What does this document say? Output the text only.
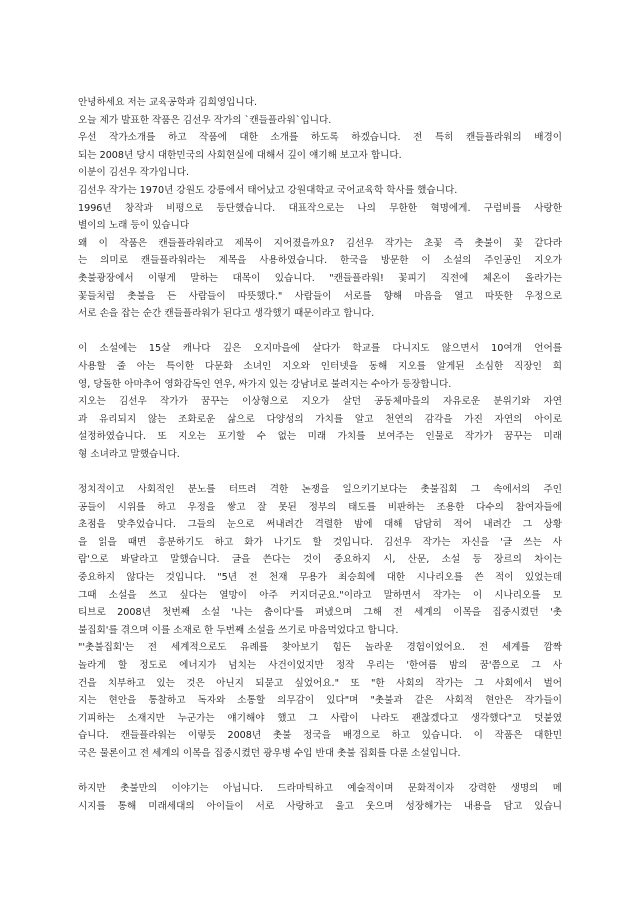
안녕하세요 저는 교육공학과 김희영입니다.
오늘 제가 발표한 작품은 김선우 작가의 `캔들플라워`입니다.
우선 작가소개를 하고 작품에 대한 소개를 하도록 하겠습니다. 전 특히 캔들플라워의 배경이
되는 2008년 당시 대한민국의 사회현실에 대해서 깊이 얘기해 보고자 합니다.
이분이 김선우 작가입니다.
김선우 작가는 1970년 강원도 강릉에서 태어났고 강원대학교 국어교육학 학사를 했습니다.
1996년 창작과 비평으로 등단했습니다. 대표작으로는 나의 무한한 혁명에게. 구럼비를 사랑한
별이의 노래 등이 있습니다
왜 이 작품은 캔들플라워라고 제목이 지어졌을까요? 김선우 작가는 초꽃 즉 촛불이 꽃 같다라
는 의미로 캔들플라워라는 제목을 사용하였습니다. 한국을 방문한 이 소설의 주인공인 지오가
촛불광장에서 이렇게 말하는 대목이 있습니다. "캔들플라워! 꽃피기 직전에 체온이 올라가는
꽃들처럼 촛불을 든 사람들이 따뜻했다." 사람들이 서로를 향해 마음을 열고 따뜻한 우정으로
서로 손을 잡는 순간 캔들플라워가 된다고 생각했기 때문이라고 합니다.
이 소설에는 15살 캐나다 깊은 오지마을에 살다가 학교를 다니지도 않으면서 10여개 언어를
사용할 줄 아는 특이한 다문화 소녀인 지오와 인터넷을 동해 지오를 알게된 소심한 직장인 희
영, 당돌한 아마추어 영화감독인 연우, 싸가지 있는 강남녀로 불려지는 수아가 등장합니다.
지오는 김선우 작가가 꿈꾸는 이상형으로 지오가 살던 공동체마을의 자유로운 분위기와 자연
과 유리되지 않는 조화로운 삶으로 다양성의 가치를 알고 천연의 감각을 가진 자연의 아이로
설정하였습니다. 또 지오는 포기할 수 없는 미래 가치를 보여주는 인물로 작가가 꿈꾸는 미래
형 소녀라고 말했습니다.
정치적이고 사회적인 분노를 터뜨려 격한 논쟁을 일으키기보다는 촛불집회 그 속에서의 주인
공들이 시위를 하고 우정을 쌓고 잘 못된 정부의 태도를 비판하는 조용한 다수의 참여자들에
초점을 맞추었습니다. 그들의 눈으로 써내려간 격렬한 밤에 대해 담담히 적어 내려간 그 상황
을 읽을 때면 흥분하기도 하고 화가 나기도 할 것입니다. 김선우 작가는 자신을 '글 쓰는 사
람'으로 봐달라고 말했습니다. 글을 쓴다는 것이 중요하지 시, 산문, 소설 등 장르의 차이는
중요하지 않다는 것입니다. "5년 전 천재 무용가 최승희에 대한 시나리오를 쓴 적이 있었는데
그때 소설을 쓰고 싶다는 열망이 아주 커지더군요."이라고 말하면서 작가는 이 시나리오를 모
티브로 2008년 첫번째 소설 '나는 춤이다'를 펴냈으며 그해 전 세계의 이목을 집중시켰던 '촛
불집회'를 겪으며 이를 소재로 한 두번째 소설을 쓰기로 마음먹었다고 합니다.
"'촛불집회'는 전 세계적으로도 유례를 찾아보기 힘든 놀라운 경험이었어요. 전 세계를 깜짝
놀라게 할 정도로 에너지가 넘치는 사건이었지만 정작 우리는 '한여름 밤의 꿈'쯤으로 그 사
건을 치부하고 있는 것은 아닌지 되묻고 싶었어요." 또 "한 사회의 작가는 그 사회에서 벌어
지는 현안을 통찰하고 독자와 소통할 의무감이 있다"며 "촛불과 같은 사회적 현안은 작가들이
기피하는 소재지만 누군가는 얘기해야 했고 그 사람이 나라도 괜찮겠다고 생각했다"고 덧붙였
습니다. 캔들플라워는 이렇듯 2008년 촛불 정국을 배경으로 하고 있습니다. 이 작품은 대한민
국은 물론이고 전 세계의 이목을 집중시켰던 광우병 수입 반대 촛불 집회를 다룬 소설입니다.
하지만 촛불만의 이야기는 아닙니다. 드라마틱하고 예술적이며 문화적이자 강력한 생명의 메
시지를 통해 미래세대의 아이들이 서로 사랑하고 울고 웃으며 성장해가는 내용을 담고 있습니
